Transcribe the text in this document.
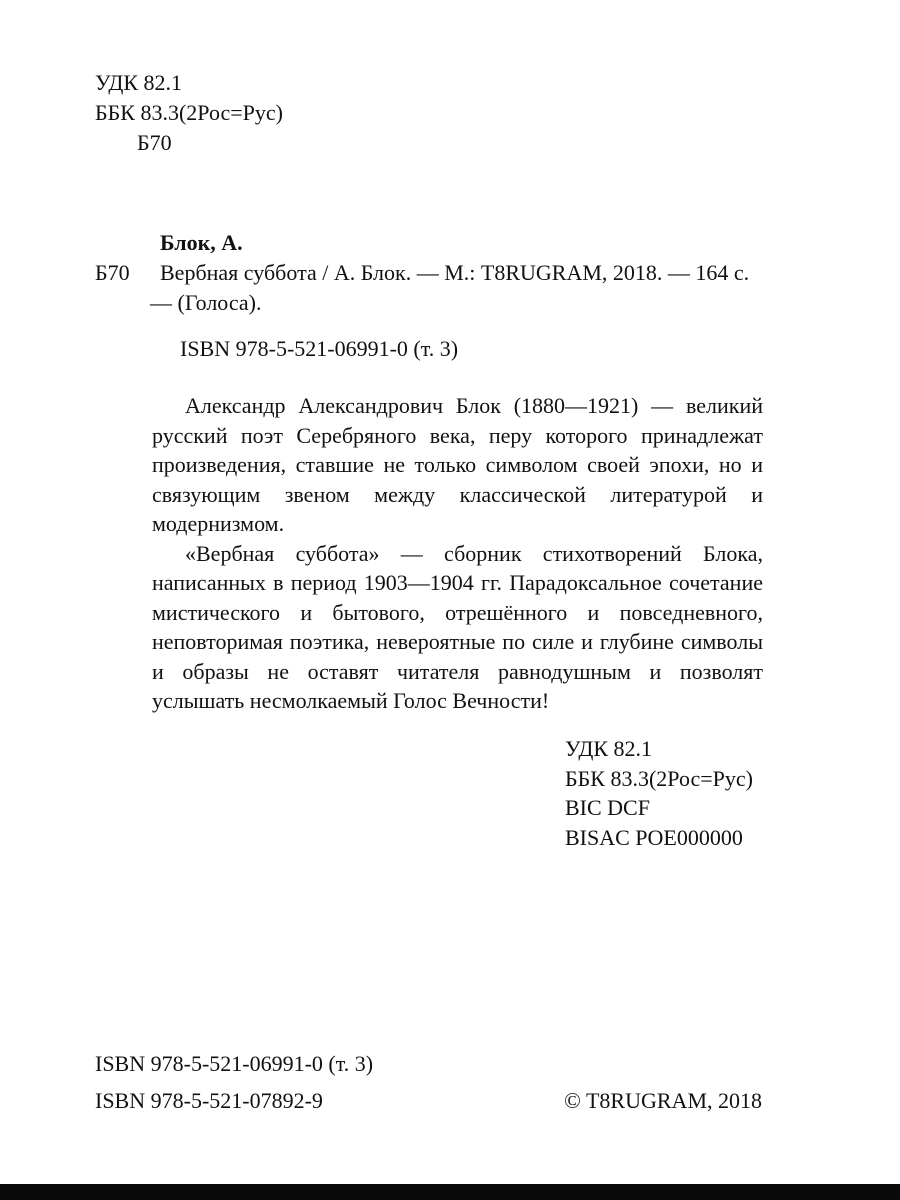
УДК 82.1
ББК 83.3(2Рос=Рус)
Б70
Блок, А.
Б70	Вербная суббота / А. Блок. — М.: T8RUGRAM, 2018. — 164 с. — (Голоса).
ISBN 978-5-521-06991-0 (т. 3)

Александр Александрович Блок (1880—1921) — великий русский поэт Серебряного века, перу которого принадлежат произведения, ставшие не только символом своей эпохи, но и связующим звеном между классической литературой и модернизмом.

«Вербная суббота» — сборник стихотворений Блока, написанных в период 1903—1904 гг. Парадоксальное сочетание мистического и бытового, отрешённого и повседневного, неповторимая поэтика, невероятные по силе и глубине символы и образы не оставят читателя равнодушным и позволят услышать несмолкаемый Голос Вечности!

УДК 82.1
ББК 83.3(2Рос=Рус)
BIC DCF
BISAC POE000000
ISBN 978-5-521-06991-0 (т. 3)
ISBN 978-5-521-07892-9	© T8RUGRAM, 2018
